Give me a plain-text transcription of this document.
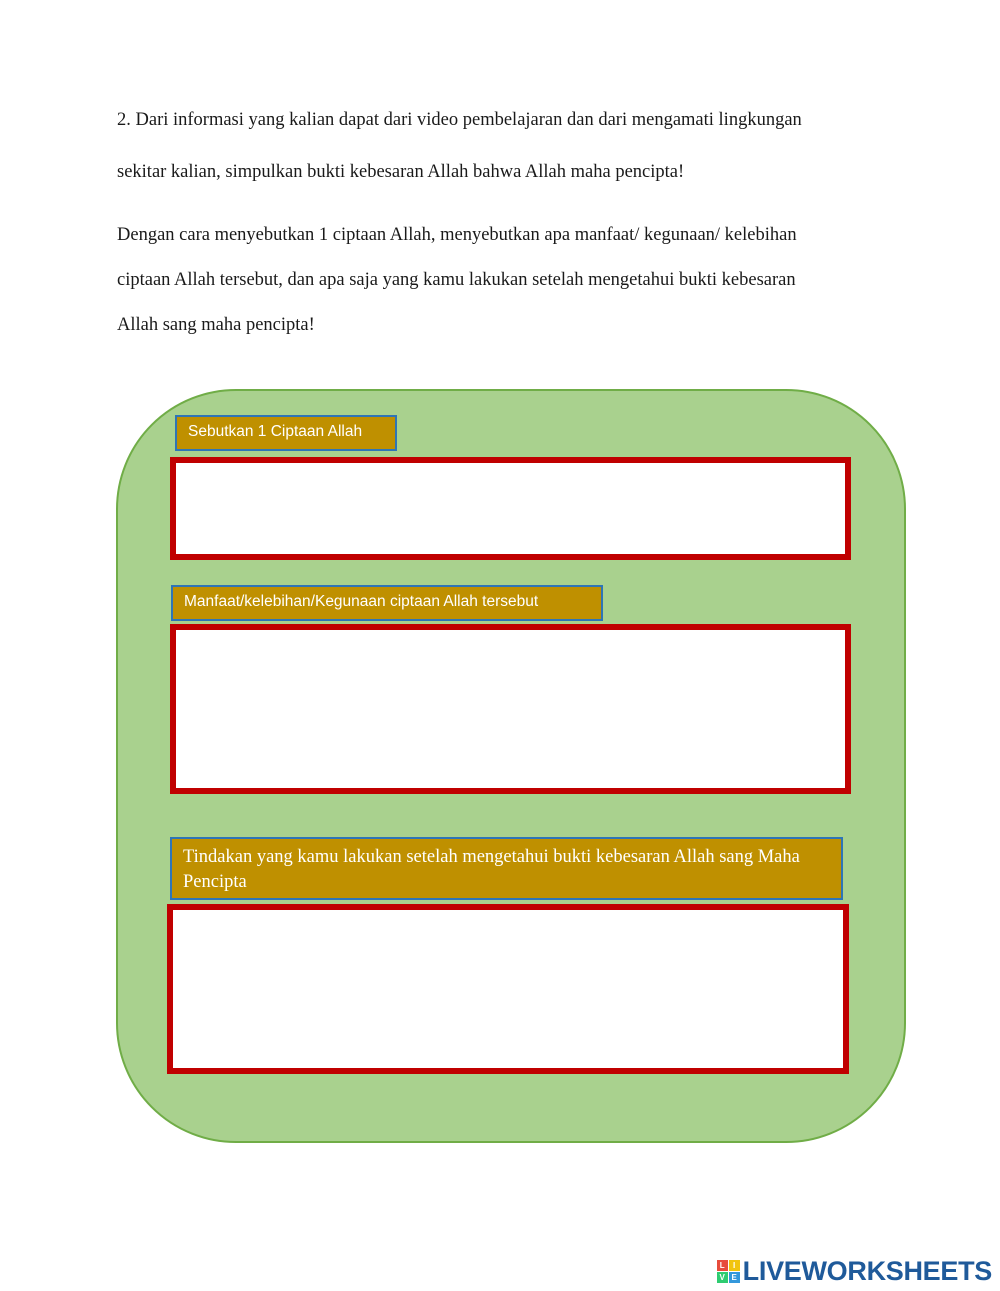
2. Dari informasi yang kalian dapat dari video pembelajaran dan dari mengamati lingkungan
sekitar kalian, simpulkan bukti kebesaran Allah bahwa Allah maha pencipta!
Dengan cara menyebutkan 1 ciptaan Allah, menyebutkan apa manfaat/ kegunaan/ kelebihan
ciptaan Allah tersebut, dan apa saja yang kamu lakukan setelah mengetahui bukti kebesaran
Allah sang maha pencipta!
Sebutkan 1 Ciptaan Allah
Manfaat/kelebihan/Kegunaan ciptaan Allah tersebut
Tindakan yang kamu lakukan setelah mengetahui bukti kebesaran Allah sang Maha Pencipta
L	I
V E LIVEWORKSHEETS
